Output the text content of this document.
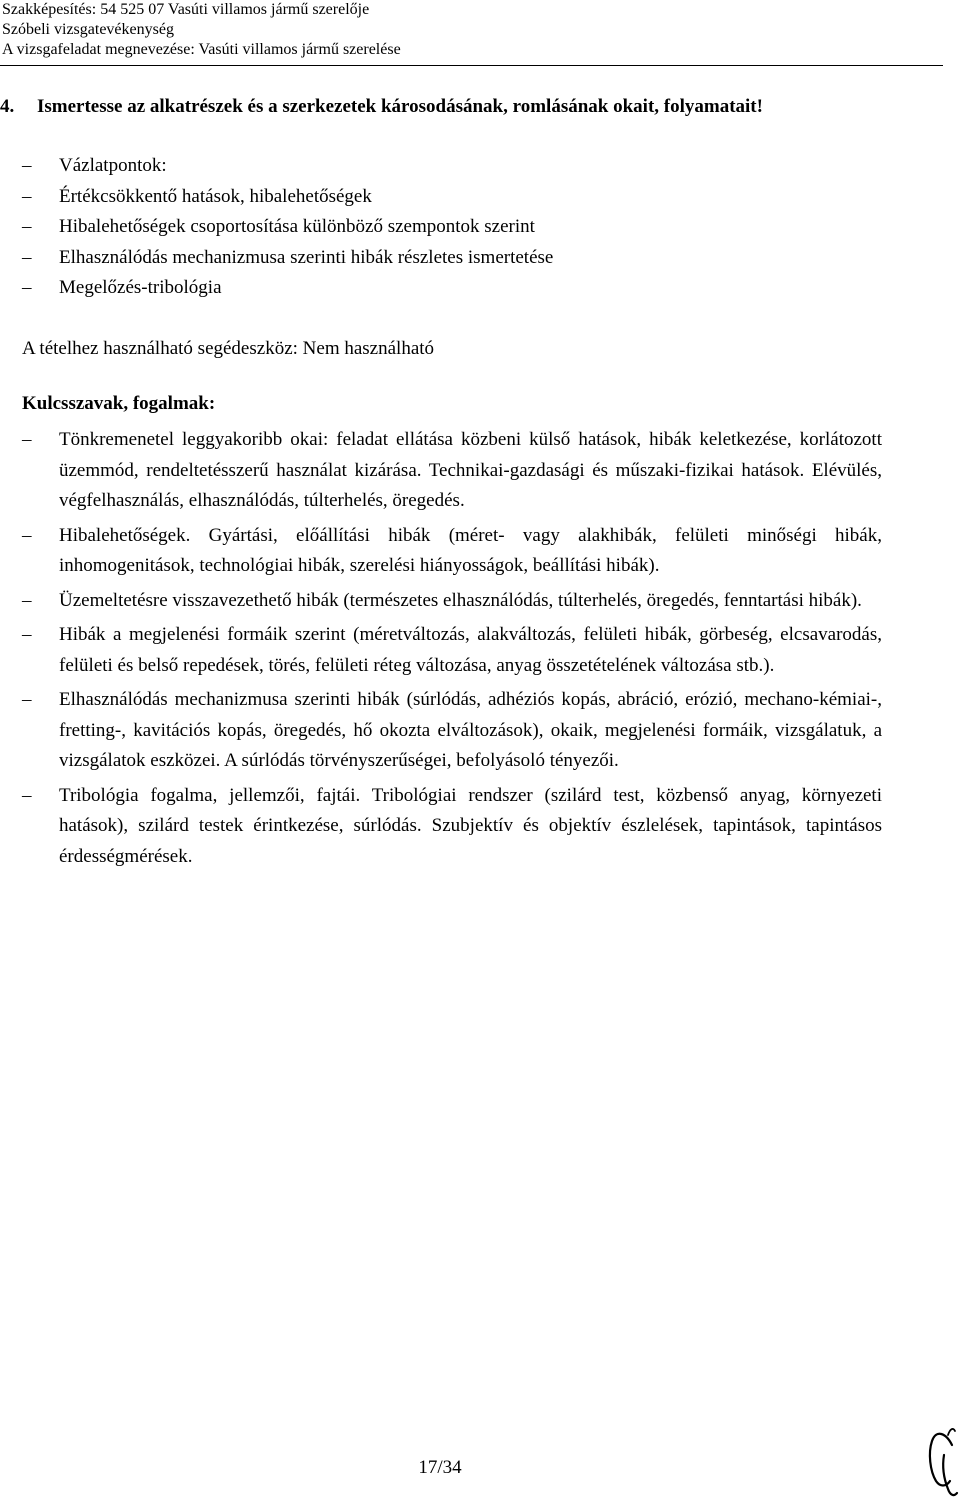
Szakképesítés: 54 525 07 Vasúti villamos jármű szerelője
Szóbeli vizsgatevékenység
A vizsgafeladat megnevezése: Vasúti villamos jármű szerelése
4. Ismertesse az alkatrészek és a szerkezetek károsodásának, romlásának okait, folyamatait!
–	Vázlatpontok:
–	Értékcsökkentő hatások, hibalehetőségek
–	Hibalehetőségek csoportosítása különböző szempontok szerint
–	Elhasználódás mechanizmusa szerinti hibák részletes ismertetése
–	Megelőzés-tribológia
A tételhez használható segédeszköz: Nem használható
Kulcsszavak, fogalmak:
–	Tönkremenetel leggyakoribb okai: feladat ellátása közbeni külső hatások, hibák keletkezése, korlátozott üzemmód, rendeltetésszerű használat kizárása. Technikai-gazdasági és műszaki-fizikai hatások. Elévülés, végfelhasználás, elhasználódás, túlterhelés, öregedés.
–	Hibalehetőségek. Gyártási, előállítási hibák (méret- vagy alakhibák, felületi minőségi hibák, inhomogenitások, technológiai hibák, szerelési hiányosságok, beállítási hibák).
–	Üzemeltetésre visszavezethető hibák (természetes elhasználódás, túlterhelés, öregedés, fenntartási hibák).
–	Hibák a megjelenési formáik szerint (méretváltozás, alakváltozás, felületi hibák, görbeség, elcsavarodás, felületi és belső repedések, törés, felületi réteg változása, anyag összetételének változása stb.).
–	Elhasználódás mechanizmusa szerinti hibák (súrlódás, adhéziós kopás, abráció, erózió, mechano-kémiai-, fretting-, kavitációs kopás, öregedés, hő okozta elváltozások), okaik, megjelenési formáik, vizsgálatuk, a vizsgálatok eszközei. A súrlódás törvényszerűségei, befolyásoló tényezői.
–	Tribológia fogalma, jellemzői, fajtái. Tribológiai rendszer (szilárd test, közbenső anyag, környezeti hatások), szilárd testek érintkezése, súrlódás. Szubjektív és objektív észlelések, tapintások, tapintásos érdességmérések.
17/34
